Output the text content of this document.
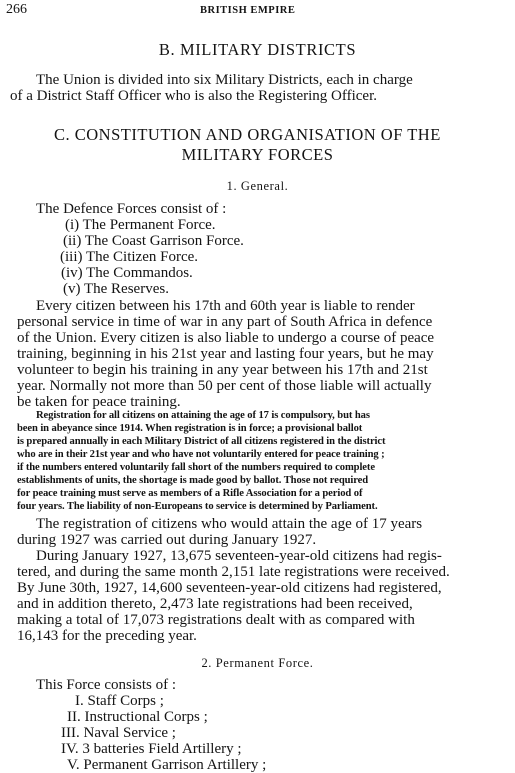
266	BRITISH EMPIRE
B. MILITARY DISTRICTS
The Union is divided into six Military Districts, each in charge
of a District Staff Officer who is also the Registering Officer.
C. CONSTITUTION AND ORGANISATION OF THE
MILITARY FORCES
1. General.
The Defence Forces consist of :
(i) The Permanent Force.
(ii) The Coast Garrison Force.
(iii) The Citizen Force.
(iv) The Commandos.
(v) The Reserves.
Every citizen between his 17th and 60th year is liable to render
personal service in time of war in any part of South Africa in defence
of the Union. Every citizen is also liable to undergo a course of peace
training, beginning in his 21st year and lasting four years, but he may
volunteer to begin his training in any year between his 17th and 21st
year. Normally not more than 50 per cent of those liable will actually
be taken for peace training.
Registration for all citizens on attaining the age of 17 is compulsory, but has
been in abeyance since 1914. When registration is in force; a provisional ballot
is prepared annually in each Military District of all citizens registered in the district
who are in their 21st year and who have not voluntarily entered for peace training ;
if the numbers entered voluntarily fall short of the numbers required to complete
establishments of units, the shortage is made good by ballot. Those not required
for peace training must serve as members of a Rifle Association for a period of
four years. The liability of non-Europeans to service is determined by Parliament.
The registration of citizens who would attain the age of 17 years
during 1927 was carried out during January 1927.
During January 1927, 13,675 seventeen-year-old citizens had regis-
tered, and during the same month 2,151 late registrations were received.
By June 30th, 1927, 14,600 seventeen-year-old citizens had registered,
and in addition thereto, 2,473 late registrations had been received,
making a total of 17,073 registrations dealt with as compared with
16,143 for the preceding year.
2. Permanent Force.
This Force consists of :
I. Staff Corps ;
II. Instructional Corps ;
III. Naval Service ;
IV. 3 batteries Field Artillery ;
V. Permanent Garrison Artillery ;
